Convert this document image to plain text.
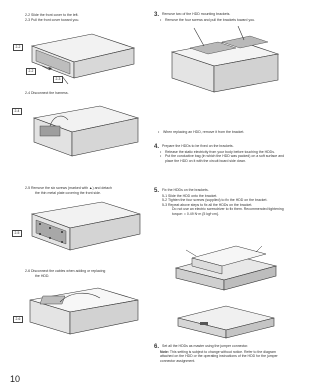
2-2 Slide the front cover to the left.
2-3 Pull the front cover toward you.
2-2
2-2
2-3
2-4 Disconnect the harness.
2-4
2-5 Remove the six screws (marked with ▲) and detach
the thin metal plate covering the front side.
2-5
2-6 Disconnect the cables when adding or replacing
the HDD.
2-6
3. Remove two of the HDD mounting brackets.
•	Remove the four screws and pull the brackets toward you.
•	When replacing an HDD, remove it from the bracket.
4. Prepare the HDDs to be fixed on the brackets.
•	Release the static electricity from your body before touching the HDDs.
•	Put the conductive bag (in which the HDD was packed) on a soft surface and place the HDD on it with the circuit board side down.
5. Fix the HDDs on the brackets.
5-1 Slide the HDD onto the bracket.
5-2 Tighten the four screws (supplied) to fix the HDD on the bracket.
5-3 Repeat above steps to fix all the HDDs on the bracket.
Do not use an electric screwdriver to fix them. Recommended tightening torque: = 0.49 N·m {5 kgf·cm}.
6. Set all the HDDs as master using the jumper connector.
Note: This setting is subject to change without notice. Refer to the diagram attached on the HDD or the operating instructions of the HDD for the jumper connector assignment.
10
